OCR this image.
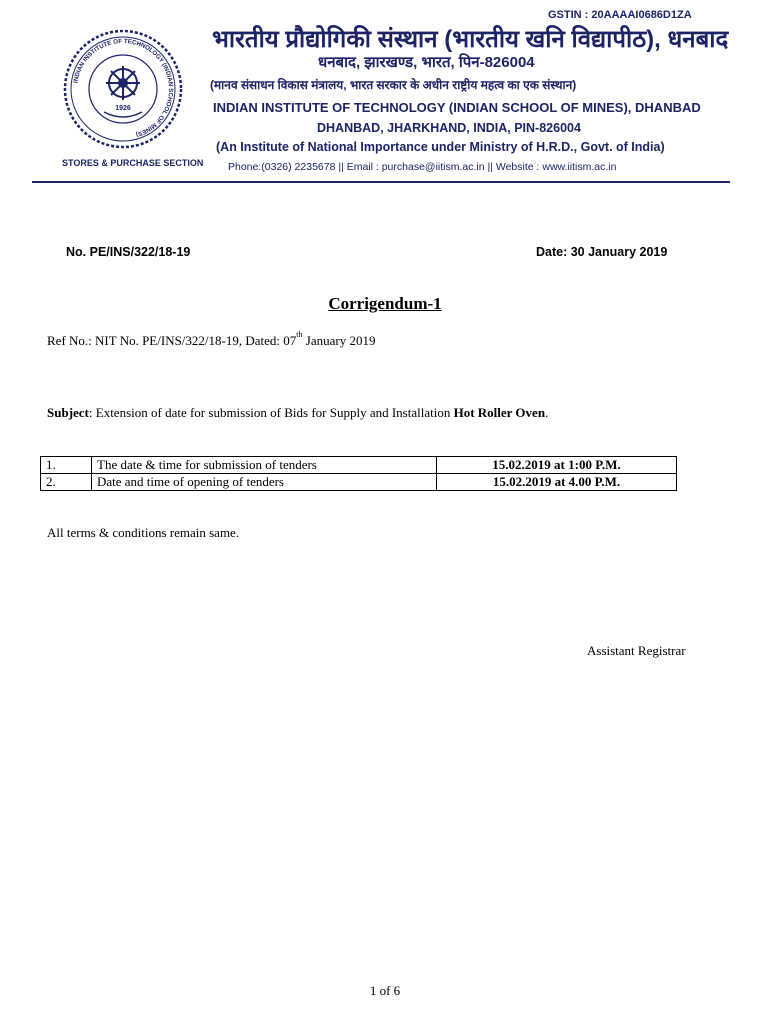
GSTIN : 20AAAAI0686D1ZA
INDIAN INSTITUTE OF TECHNOLOGY (INDIAN SCHOOL OF MINES)
1926
भारतीय प्रौद्योगिकी संस्थान (भारतीय खनि विद्यापीठ), धनबाद
धनबाद, झारखण्ड, भारत, पिन-826004
(मानव संसाधन विकास मंत्रालय, भारत सरकार के अधीन राष्ट्रीय महत्व का एक संस्थान)
INDIAN INSTITUTE OF TECHNOLOGY (INDIAN SCHOOL OF MINES), DHANBAD
DHANBAD, JHARKHAND, INDIA, PIN-826004
(An Institute of National Importance under Ministry of H.R.D., Govt. of India)
STORES & PURCHASE SECTION Phone:(0326) 2235678 || Email : purchase@iitism.ac.in || Website : www.iitism.ac.in
No. PE/INS/322/18-19	Date: 30 January 2019
Corrigendum-1
Ref No.: NIT No. PE/INS/322/18-19, Dated: 07th January 2019
Subject: Extension of date for submission of Bids for Supply and Installation Hot Roller Oven.
1.	The date & time for submission of tenders	15.02.2019 at 1:00 P.M.
2.	Date and time of opening of tenders	15.02.2019 at 4.00 P.M.
All terms & conditions remain same.
Assistant Registrar
1 of 6
